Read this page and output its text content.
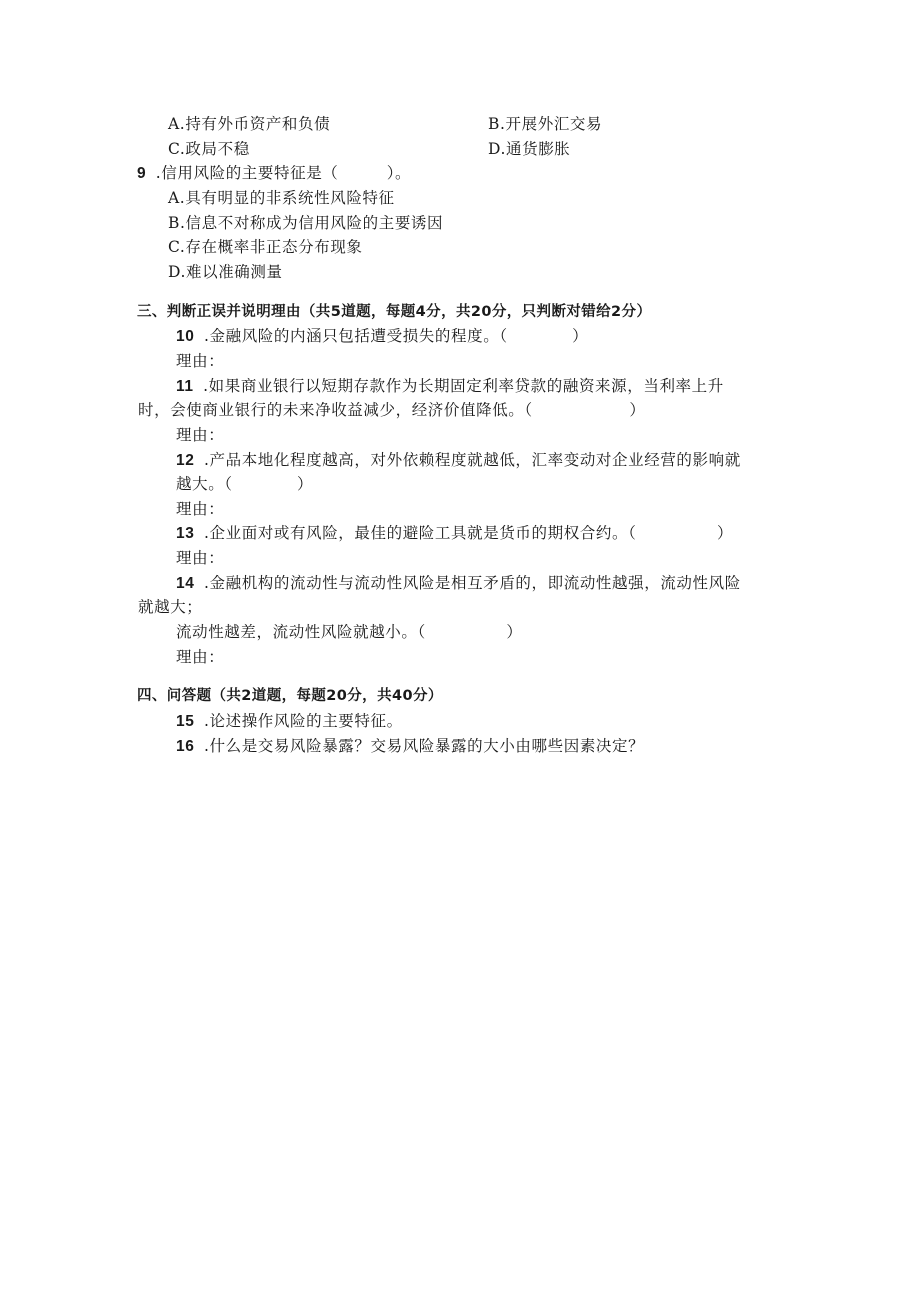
A.持有外币资产和负债	B.开展外汇交易
C.政局不稳	D.通货膨胀
9 .信用风险的主要特征是（　　　）。
A.具有明显的非系统性风险特征
B.信息不对称成为信用风险的主要诱因
C.存在概率非正态分布现象
D.难以准确测量
三、判断正误并说明理由（共5道题，每题4分，共20分，只判断对错给2分）
10 .金融风险的内涵只包括遭受损失的程度。（　　　　）
理由：
11 .如果商业银行以短期存款作为长期固定利率贷款的融资来源，当利率上升
时，会使商业银行的未来净收益减少，经济价值降低。（　　　　　　）
理由：
12 .产品本地化程度越高，对外依赖程度就越低，汇率变动对企业经营的影响就
越大。（　　　　）
理由：
13 .企业面对或有风险，最佳的避险工具就是货币的期权合约。（　　　　　）
理由：
14 .金融机构的流动性与流动性风险是相互矛盾的，即流动性越强，流动性风险
就越大；
流动性越差，流动性风险就越小。（　　　　　）
理由：
四、问答题（共2道题，每题20分，共40分）
15 .论述操作风险的主要特征。
16 .什么是交易风险暴露？交易风险暴露的大小由哪些因素决定？
